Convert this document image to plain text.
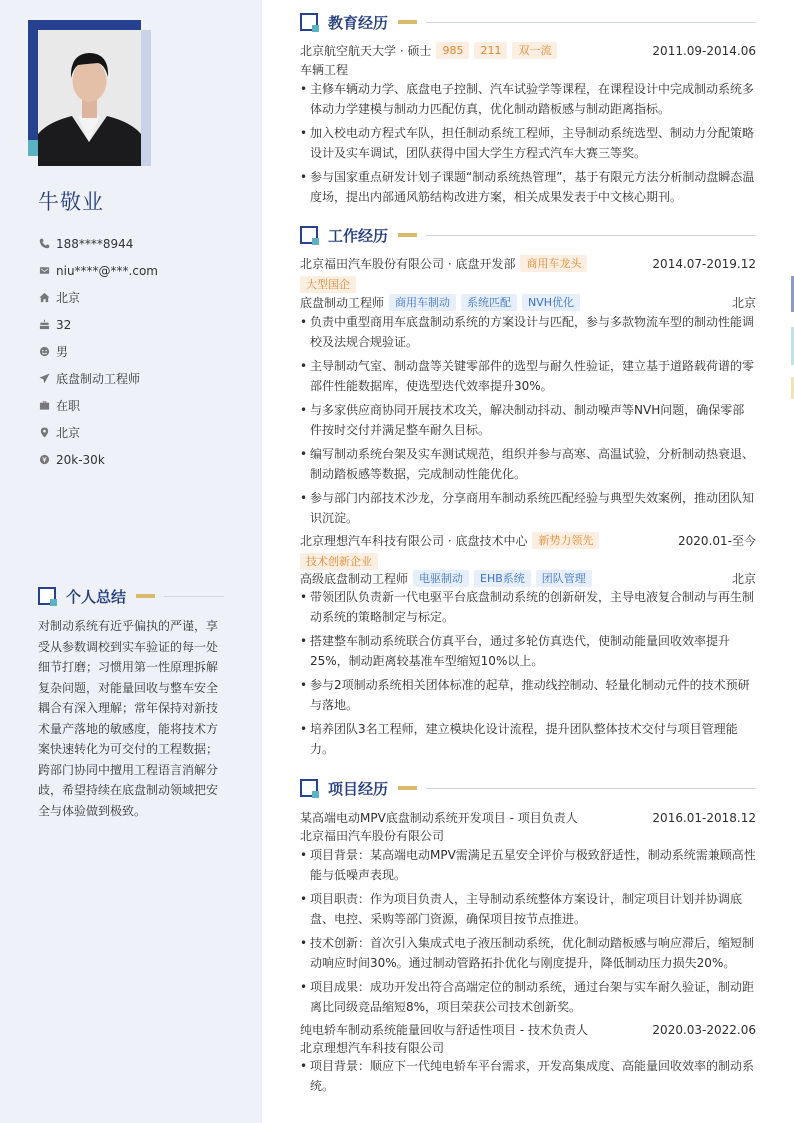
牛敬业
188****8944
niu****@***.com
北京
32
男
底盘制动工程师
在职
北京
20k-30k
个人总结

对制动系统有近乎偏执的严谨，享受从参数调校到实车验证的每一处细节打磨；习惯用第一性原理拆解复杂问题，对能量回收与整车安全耦合有深入理解；常年保持对新技术量产落地的敏感度，能将技术方案快速转化为可交付的工程数据；跨部门协同中擅用工程语言消解分歧，希望持续在底盘制动领域把安全与体验做到极致。

教育经历
北京航空航天大学 · 硕士	985	211	双一流	2011.09-2014.06
车辆工程
• 主修车辆动力学、底盘电子控制、汽车试验学等课程，在课程设计中完成制动系统多体动力学建模与制动力匹配仿真，优化制动踏板感与制动距离指标。
• 加入校电动方程式车队，担任制动系统工程师，主导制动系统选型、制动力分配策略设计及实车调试，团队获得中国大学生方程式汽车大赛三等奖。
• 参与国家重点研发计划子课题“制动系统热管理”，基于有限元方法分析制动盘瞬态温度场，提出内部通风筋结构改进方案，相关成果发表于中文核心期刊。
工作经历
北京福田汽车股份有限公司 · 底盘开发部	商用车龙头	2014.07-2019.12
大型国企
底盘制动工程师	商用车制动	系统匹配	NVH优化	北京
• 负责中重型商用车底盘制动系统的方案设计与匹配，参与多款物流车型的制动性能调校及法规合规验证。
• 主导制动气室、制动盘等关键零部件的选型与耐久性验证，建立基于道路载荷谱的零部件性能数据库，使选型迭代效率提升30%。
• 与多家供应商协同开展技术攻关，解决制动抖动、制动噪声等NVH问题，确保零部件按时交付并满足整车耐久目标。
• 编写制动系统台架及实车测试规范，组织并参与高寒、高温试验，分析制动热衰退、制动踏板感等数据，完成制动性能优化。
• 参与部门内部技术沙龙，分享商用车制动系统匹配经验与典型失效案例，推动团队知识沉淀。
北京理想汽车科技有限公司 · 底盘技术中心	新势力领先	2020.01-至今
技术创新企业
高级底盘制动工程师	电驱制动	EHB系统	团队管理	北京
• 带领团队负责新一代电驱平台底盘制动系统的创新研发，主导电液复合制动与再生制动系统的策略制定与标定。
• 搭建整车制动系统联合仿真平台，通过多轮仿真迭代，使制动能量回收效率提升25%，制动距离较基准车型缩短10%以上。
• 参与2项制动系统相关团体标准的起草，推动线控制动、轻量化制动元件的技术预研与落地。
• 培养团队3名工程师，建立模块化设计流程，提升团队整体技术交付与项目管理能力。
项目经历
某高端电动MPV底盘制动系统开发项目 - 项目负责人	2016.01-2018.12
北京福田汽车股份有限公司
• 项目背景：某高端电动MPV需满足五星安全评价与极致舒适性，制动系统需兼顾高性能与低噪声表现。
• 项目职责：作为项目负责人，主导制动系统整体方案设计，制定项目计划并协调底盘、电控、采购等部门资源，确保项目按节点推进。
• 技术创新：首次引入集成式电子液压制动系统，优化制动踏板感与响应滞后，缩短制动响应时间30%。通过制动管路拓扑优化与刚度提升，降低制动压力损失20%。
• 项目成果：成功开发出符合高端定位的制动系统，通过台架与实车耐久验证，制动距离比同级竞品缩短8%，项目荣获公司技术创新奖。
纯电轿车制动系统能量回收与舒适性项目 - 技术负责人	2020.03-2022.06
北京理想汽车科技有限公司
• 项目背景：顺应下一代纯电轿车平台需求，开发高集成度、高能量回收效率的制动系统。
